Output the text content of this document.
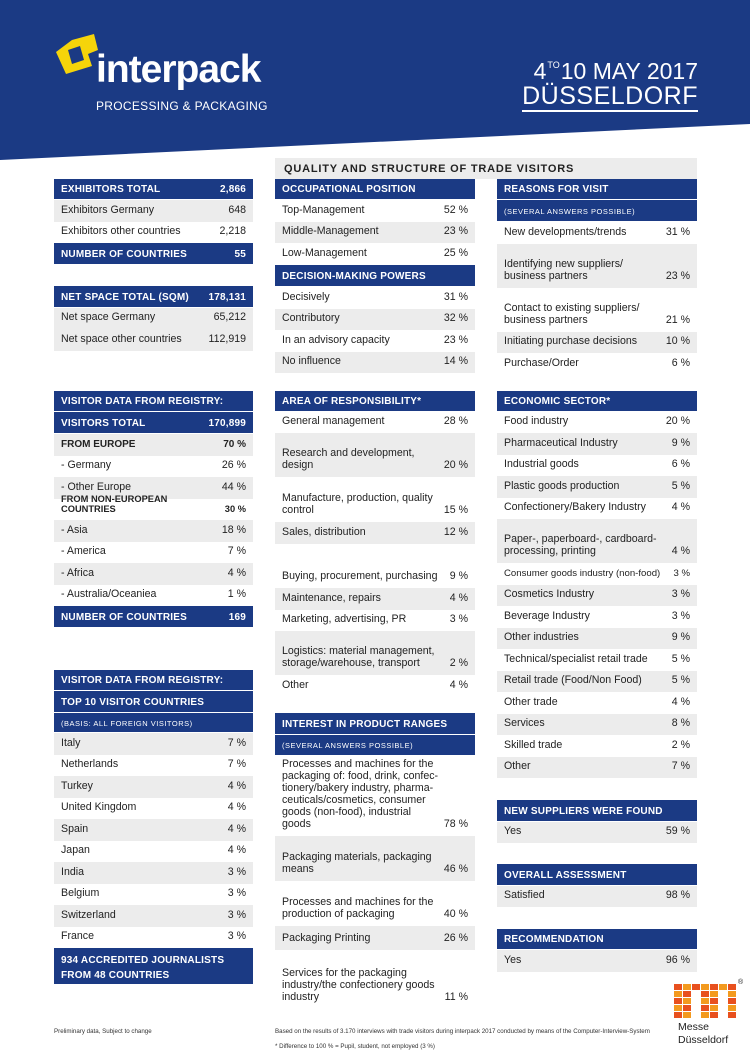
interpack
PROCESSING & PACKAGING
$4^{TO}10$ MAY 2017
DÜSSELDORF
QUALITY AND STRUCTURE OF TRADE VISITORS
EXHIBITORS TOTAL	2,866
Exhibitors Germany	648
Exhibitors other countries	2,218
NUMBER OF COUNTRIES	55
NET SPACE TOTAL (SQM)	178,131
Net space Germany	65,212
Net space other countries	112,919
VISITOR DATA FROM REGISTRY:
VISITORS TOTAL	170,899
FROM EUROPE	70 %
- Germany	26 %
- Other Europe	44 %
FROM NON-EUROPEAN COUNTRIES	30 %
- Asia	18 %
- America	7 %
- Africa	4 %
- Australia/Oceaniea	1 %
NUMBER OF COUNTRIES	169
VISITOR DATA FROM REGISTRY:
TOP 10 VISITOR COUNTRIES
(BASIS: ALL FOREIGN VISITORS)
Italy	7 %
Netherlands	7 %
Turkey	4 %
United Kingdom	4 %
Spain	4 %
Japan	4 %
India	3 %
Belgium	3 %
Switzerland	3 %
France	3 %
934 ACCREDITED JOURNALISTS
FROM 48 COUNTRIES
OCCUPATIONAL POSITION
Top-Management	52 %
Middle-Management	23 %
Low-Management	25 %
DECISION-MAKING POWERS
Decisively	31 %
Contributory	32 %
In an advisory capacity	23 %
No influence	14 %
AREA OF RESPONSIBILITY*
General management	28 %
Research and development, design	20 %
Manufacture, production, quality control	15 %
Sales, distribution	12 %
Buying, procurement, purchasing	9 %
Maintenance, repairs	4 %
Marketing, advertising, PR	3 %
Logistics: material management, storage/warehouse, transport	2 %
Other	4 %
INTEREST IN PRODUCT RANGES
(SEVERAL ANSWERS POSSIBLE)
Processes and machines for the packaging of: food, drink, confec-tionery/bakery industry, pharma-ceuticals/cosmetics, consumer goods (non-food), industrial goods	78 %
Packaging materials, packaging means	46 %
Processes and machines for the production of packaging	40 %
Packaging Printing	26 %
Services for the packaging industry/the confectionery goods industry	11 %
REASONS FOR VISIT
(SEVERAL ANSWERS POSSIBLE)
New developments/trends	31 %
Identifying new suppliers/ business partners	23 %
Contact to existing suppliers/ business partners	21 %
Initiating purchase decisions	10 %
Purchase/Order	6 %
ECONOMIC SECTOR*
Food industry	20 %
Pharmaceutical Industry	9 %
Industrial goods	6 %
Plastic goods production	5 %
Confectionery/Bakery Industry	4 %
Paper-, paperboard-, cardboard-processing, printing	4 %
Consumer goods industry (non-food)	3 %
Cosmetics Industry	3 %
Beverage Industry	3 %
Other industries	9 %
Technical/specialist retail trade	5 %
Retail trade (Food/Non Food)	5 %
Other trade	4 %
Services	8 %
Skilled trade	2 %
Other	7 %
NEW SUPPLIERS WERE FOUND
Yes	59 %
OVERALL ASSESSMENT
Satisfied	98 %
RECOMMENDATION
Yes	96 %
Preliminary data, Subject to change	Based on the results of 3.170 interviews with trade visitors during interpack 2017 conducted by means of the Computer-Interview-System
* Difference to 100 % = Pupil, student, not employed (3 %)
®
Messe
Düsseldorf
